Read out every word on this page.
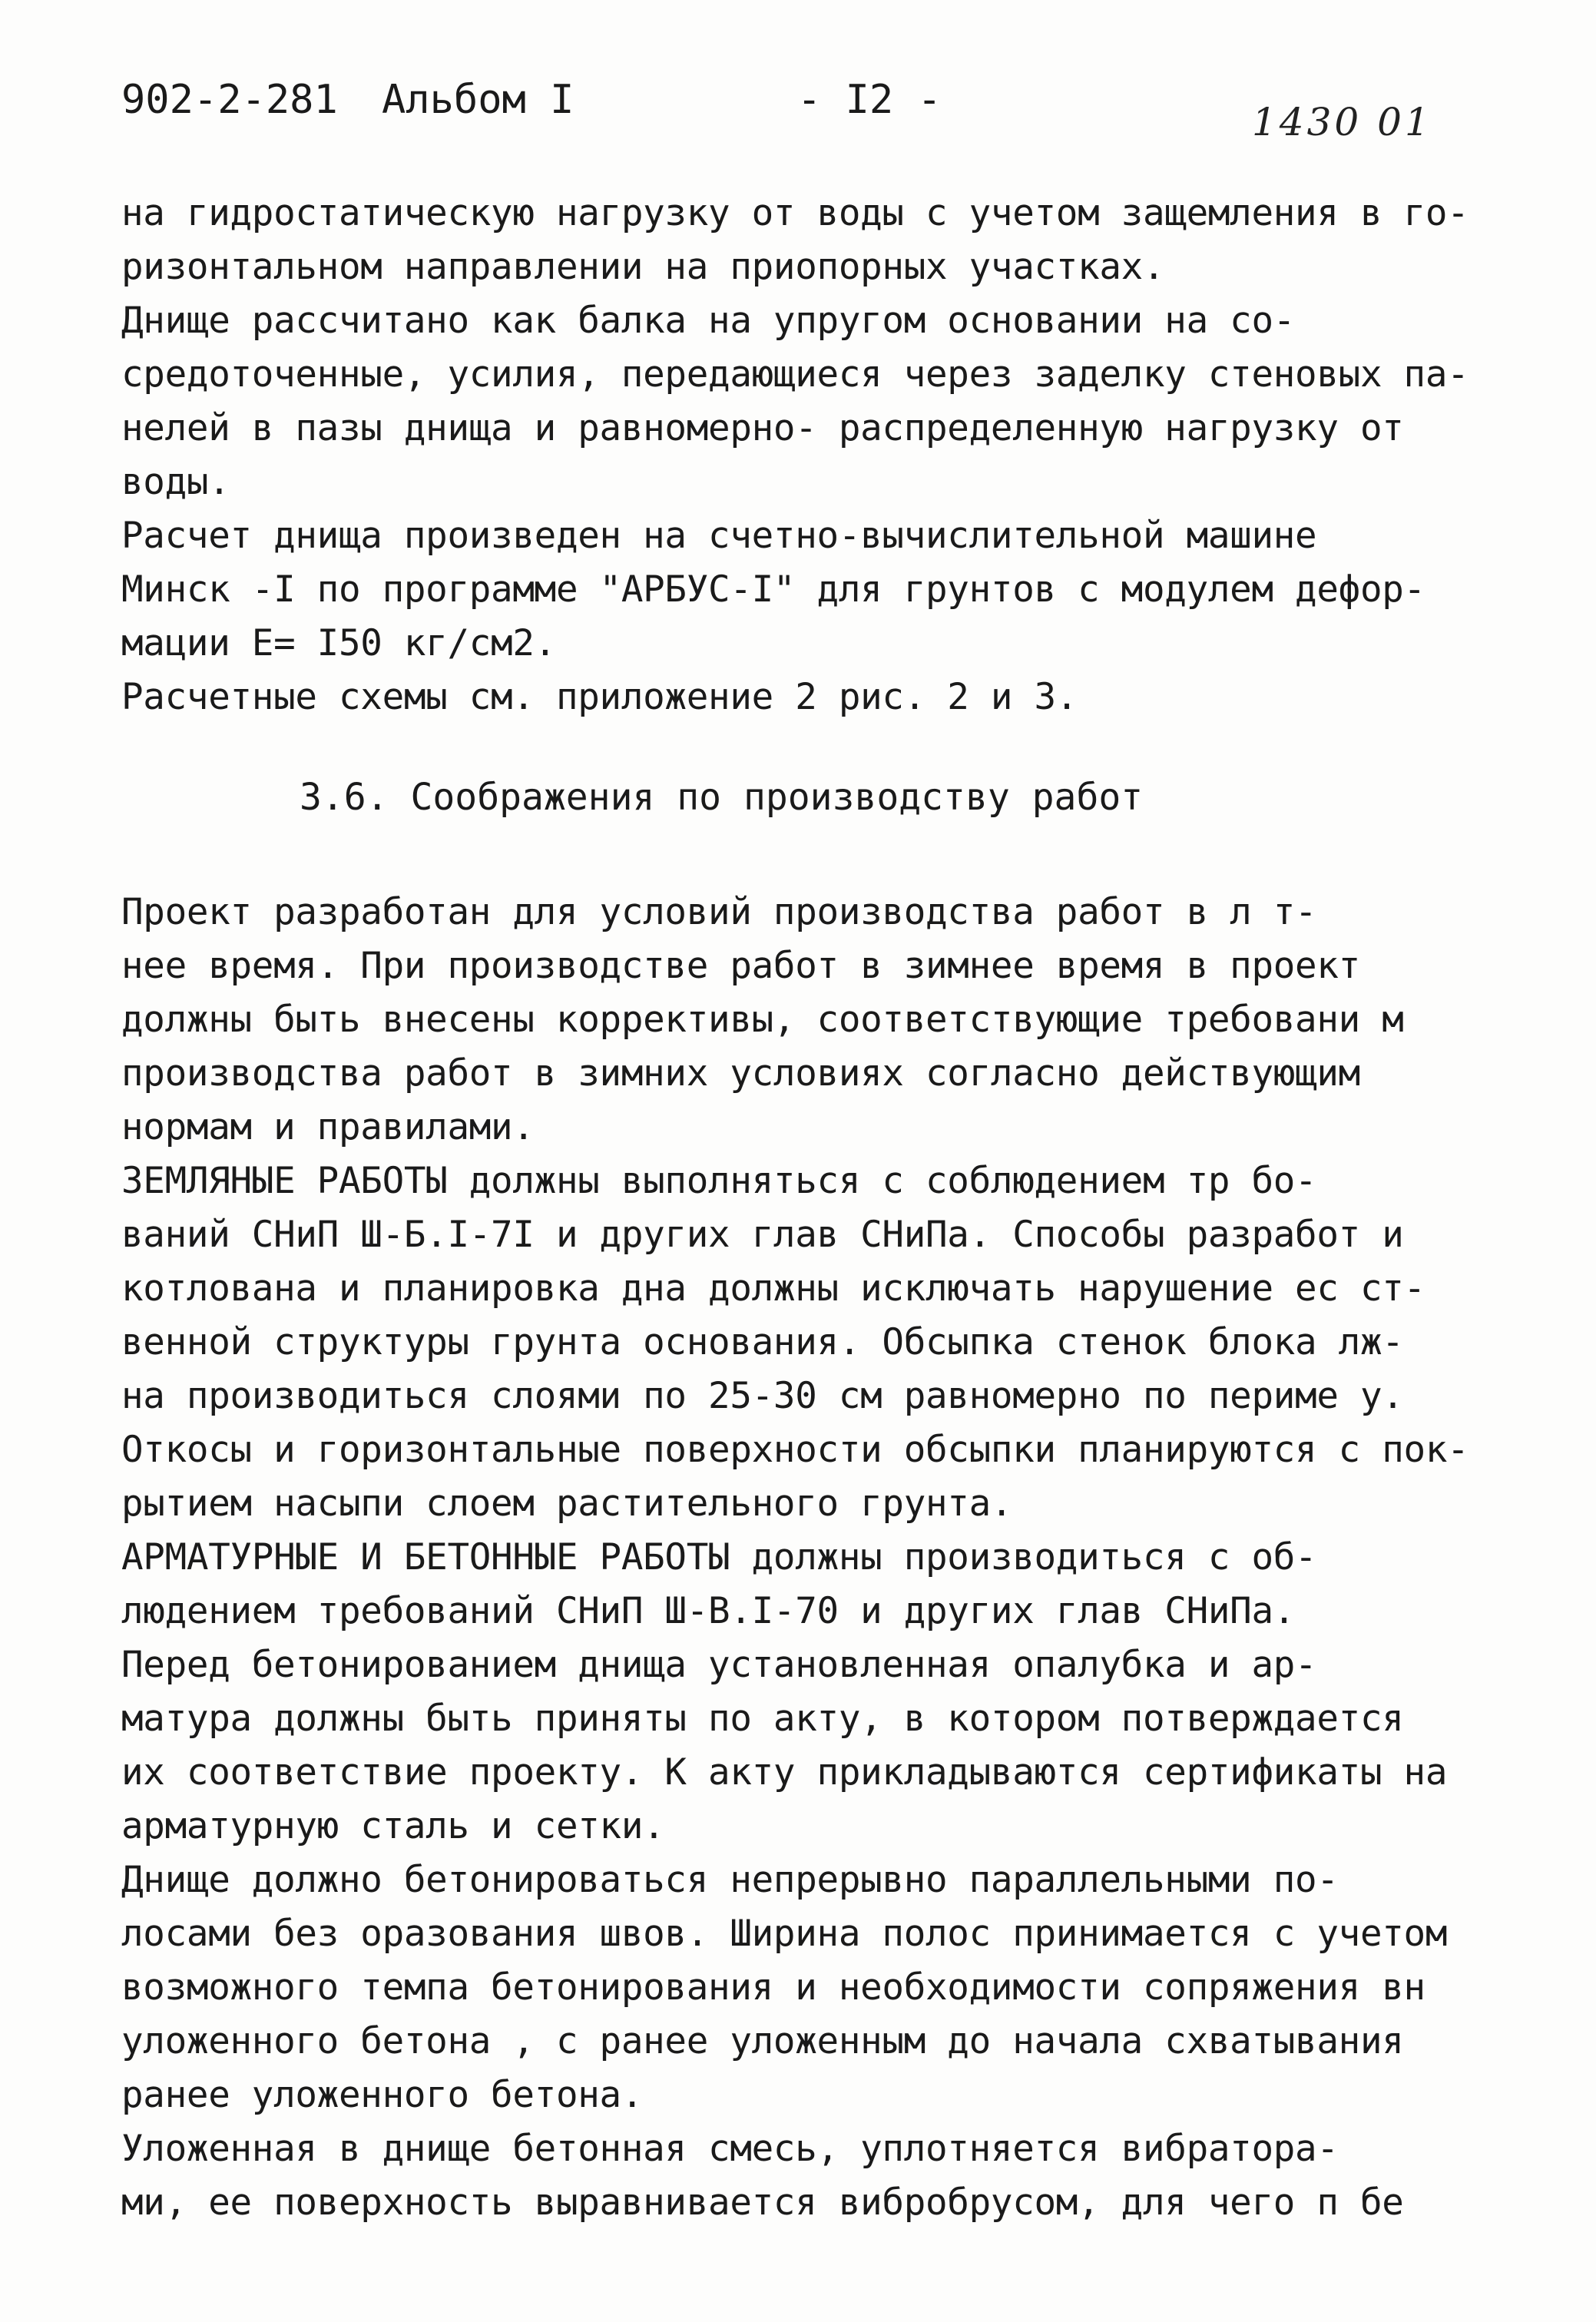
902-2-281 Альбом I	- I2 -	1430 01
на гидростатическую нагрузку от воды с учетом защемления в го-
ризонтальном направлении на приопорных участках.
Днище рассчитано как балка на упругом основании на со-
средоточенные, усилия, передающиеся через заделку стеновых па-
нелей в пазы днища и равномерно- распределенную нагрузку от
воды.
Расчет днища произведен на счетно-вычислительной машине
Минск -I по программе "АРБУС-I" для грунтов с модулем дефор-
мации Е= I50 кг/см2.
Расчетные схемы см. приложение 2 рис. 2 и 3.
3.6. Соображения по производству работ
Проект разработан для условий производства работ в л т-
нее время. При производстве работ в зимнее время в проект
должны быть внесены коррективы, соответствующие требовани м
производства работ в зимних условиях согласно действующим
нормам и правилами.
ЗЕМЛЯНЫЕ РАБОТЫ должны выполняться с соблюдением тр бо-
ваний СНиП Ш-Б.I-7I и других глав СНиПа. Способы разработ и
котлована и планировка дна должны исключать нарушение ес ст-
венной структуры грунта основания. Обсыпка стенок блока лж-
на производиться слоями по 25-30 см равномерно по периме у.
Откосы и горизонтальные поверхности обсыпки планируются с пок-
рытием насыпи слоем растительного грунта.
АРМАТУРНЫЕ И БЕТОННЫЕ РАБОТЫ должны производиться с об-
людением требований СНиП Ш-В.I-70 и других глав СНиПа.
Перед бетонированием днища установленная опалубка и ар-
матура должны быть приняты по акту, в котором потверждается
их соответствие проекту. К акту прикладываются сертификаты на
арматурную сталь и сетки.
Днище должно бетонироваться непрерывно параллельными по-
лосами без оразования швов. Ширина полос принимается с учетом
возможного темпа бетонирования и необходимости сопряжения вн
уложенного бетона , с ранее уложенным до начала схватывания
ранее уложенного бетона.
Уложенная в днище бетонная смесь, уплотняется вибратора-
ми, ее поверхность выравнивается вибробрусом, для чего п бе
